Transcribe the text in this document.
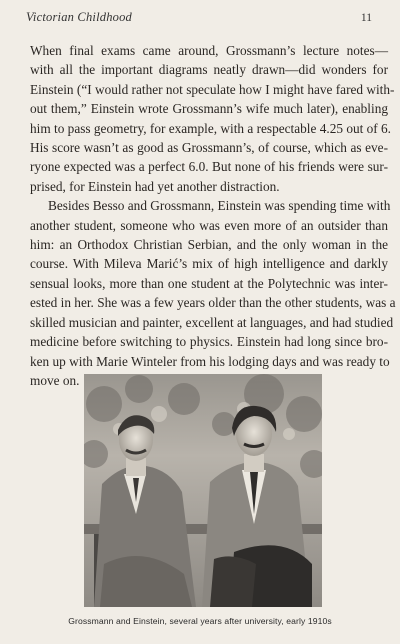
Victorian Childhood	11

When final exams came around, Grossmann’s lecture notes—
with all the important diagrams neatly drawn—did wonders for
Einstein (“I would rather not speculate how I might have fared with-
out them,” Einstein wrote Grossmann’s wife much later), enabling
him to pass geometry, for example, with a respectable 4.25 out of 6.
His score wasn’t as good as Grossmann’s, of course, which as eve-
ryone expected was a perfect 6.0. But none of his friends were sur-
prised, for Einstein had yet another distraction.

Besides Besso and Grossmann, Einstein was spending time with
another student, someone who was even more of an outsider than
him: an Orthodox Christian Serbian, and the only woman in the
course. With Mileva Marić’s mix of high intelligence and darkly
sensual looks, more than one student at the Polytechnic was inter-
ested in her. She was a few years older than the other students, was a
skilled musician and painter, excellent at languages, and had studied
medicine before switching to physics. Einstein had long since bro-
ken up with Marie Winteler from his lodging days and was ready to
move on.

Grossmann and Einstein, several years after university, early 1910s
